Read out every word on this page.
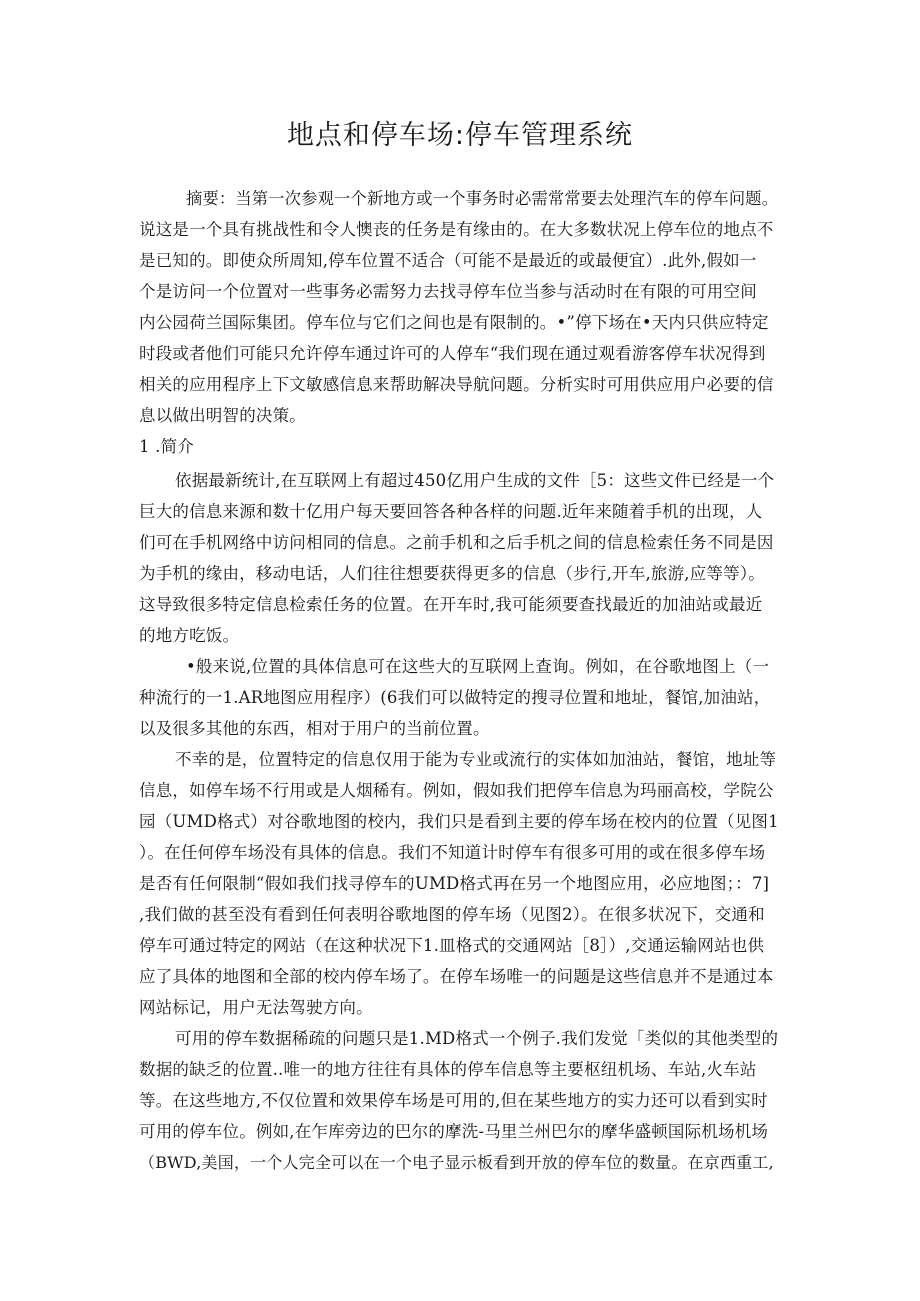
地点和停车场:停车管理系统
摘要：当第一次参观一个新地方或一个事务时必需常常要去处理汽车的停车问题。
说这是一个具有挑战性和令人懊丧的任务是有缘由的。在大多数状况上停车位的地点不
是已知的。即使众所周知,停车位置不适合（可能不是最近的或最便宜）.此外,假如一
个是访问一个位置对一些事务必需努力去找寻停车位当参与活动时在有限的可用空间
内公园荷兰国际集团。停车位与它们之间也是有限制的。•”停下场在•天内只供应特定
时段或者他们可能只允许停车通过许可的人停车“我们现在通过观看游客停车状况得到
相关的应用程序上下文敏感信息来帮助解决导航问题。分析实时可用供应用户必要的信
息以做出明智的决策。
1 .简介
依据最新统计,在互联网上有超过450亿用户生成的文件［5：这些文件已经是一个
巨大的信息来源和数十亿用户每天要回答各种各样的问题.近年来随着手机的出现，人
们可在手机网络中访问相同的信息。之前手机和之后手机之间的信息检索任务不同是因
为手机的缘由，移动电话，人们往往想要获得更多的信息（步行,开车,旅游,应等等）。
这导致很多特定信息检索任务的位置。在开车时,我可能须要查找最近的加油站或最近
的地方吃饭。
•般来说,位置的具体信息可在这些大的互联网上查询。例如，在谷歌地图上（一
种流行的一1.AR地图应用程序）(6我们可以做特定的搜寻位置和地址，餐馆,加油站，
以及很多其他的东西，相对于用户的当前位置。
不幸的是，位置特定的信息仅用于能为专业或流行的实体如加油站，餐馆，地址等
信息，如停车场不行用或是人烟稀有。例如，假如我们把停车信息为玛丽高校，学院公
园（UMD格式）对谷歌地图的校内，我们只是看到主要的停车场在校内的位置（见图1
）。在任何停车场没有具体的信息。我们不知道计时停车有很多可用的或在很多停车场
是否有任何限制“假如我们找寻停车的UMD格式再在另一个地图应用，必应地图；：7]
,我们做的甚至没有看到任何表明谷歌地图的停车场（见图2）。在很多状况下，交通和
停车可通过特定的网站（在这种状况下1.皿格式的交通网站［8］）,交通运输网站也供
应了具体的地图和全部的校内停车场了。在停车场唯一的问题是这些信息并不是通过本
网站标记，用户无法驾驶方向。
可用的停车数据稀疏的问题只是1.MD格式一个例子.我们发觉「类似的其他类型的
数据的缺乏的位置..唯一的地方往往有具体的停车信息等主要枢纽机场、车站,火车站
等。在这些地方,不仅位置和效果停车场是可用的,但在某些地方的实力还可以看到实时
可用的停车位。例如,在乍库旁边的巴尔的摩洗-马里兰州巴尔的摩华盛顿国际机场机场
（BWD,美国，一个人完全可以在一个电子显示板看到开放的停车位的数量。在京西重工,
